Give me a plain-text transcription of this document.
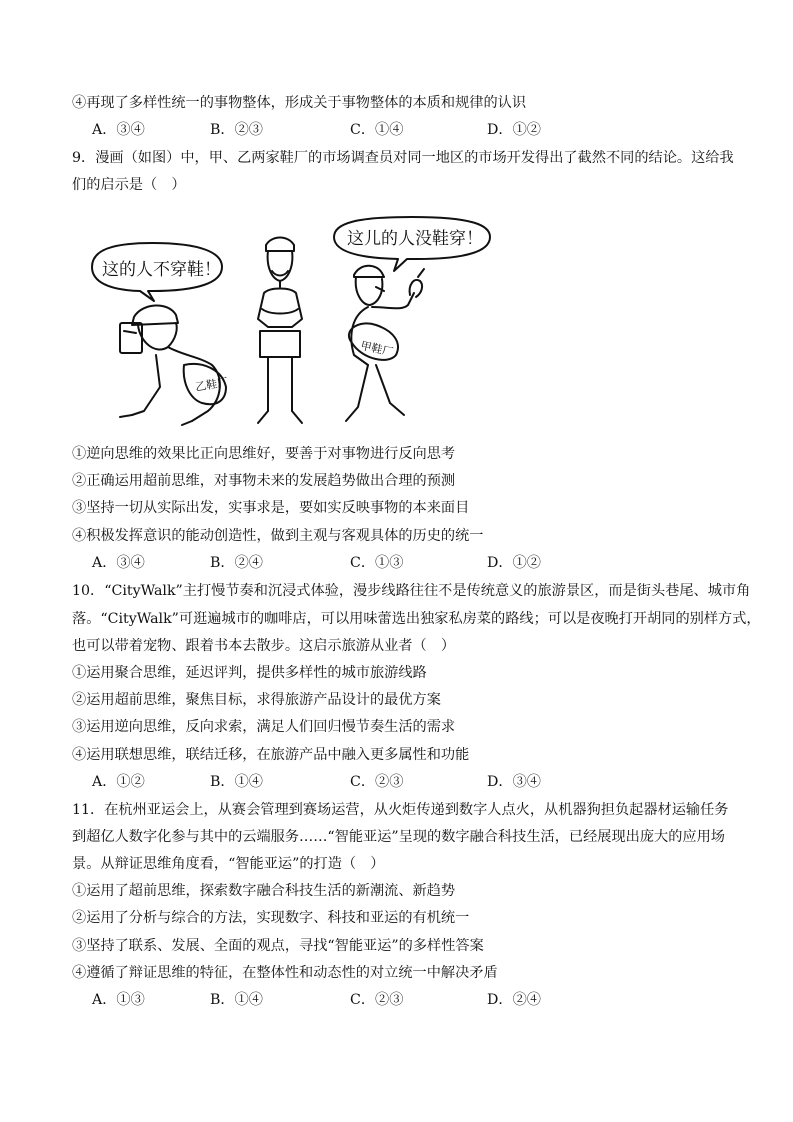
④再现了多样性统一的事物整体，形成关于事物整体的本质和规律的认识
A．③④	B．②③	C．①④	D．①②
9．漫画（如图）中，甲、乙两家鞋厂的市场调查员对同一地区的市场开发得出了截然不同的结论。这给我
们的启示是（　）
这的人不穿鞋！
这儿的人没鞋穿！
乙鞋厂
甲鞋厂
①逆向思维的效果比正向思维好，要善于对事物进行反向思考
②正确运用超前思维，对事物未来的发展趋势做出合理的预测
③坚持一切从实际出发，实事求是，要如实反映事物的本来面目
④积极发挥意识的能动创造性，做到主观与客观具体的历史的统一
A．③④	B．②④	C．①③	D．①②
10．“CityWalk”主打慢节奏和沉浸式体验，漫步线路往往不是传统意义的旅游景区，而是街头巷尾、城市角
落。“CityWalk”可逛遍城市的咖啡店，可以用味蕾选出独家私房菜的路线；可以是夜晚打开胡同的别样方式，
也可以带着宠物、跟着书本去散步。这启示旅游从业者（　）
①运用聚合思维，延迟评判，提供多样性的城市旅游线路
②运用超前思维，聚焦目标，求得旅游产品设计的最优方案
③运用逆向思维，反向求索，满足人们回归慢节奏生活的需求
④运用联想思维，联结迁移，在旅游产品中融入更多属性和功能
A．①②	B．①④	C．②③	D．③④
11．在杭州亚运会上，从赛会管理到赛场运营，从火炬传递到数字人点火，从机器狗担负起器材运输任务
到超亿人数字化参与其中的云端服务……“智能亚运”呈现的数字融合科技生活，已经展现出庞大的应用场
景。从辩证思维角度看，“智能亚运”的打造（　）
①运用了超前思维，探索数字融合科技生活的新潮流、新趋势
②运用了分析与综合的方法，实现数字、科技和亚运的有机统一
③坚持了联系、发展、全面的观点，寻找“智能亚运”的多样性答案
④遵循了辩证思维的特征，在整体性和动态性的对立统一中解决矛盾
A．①③	B．①④	C．②③	D．②④
